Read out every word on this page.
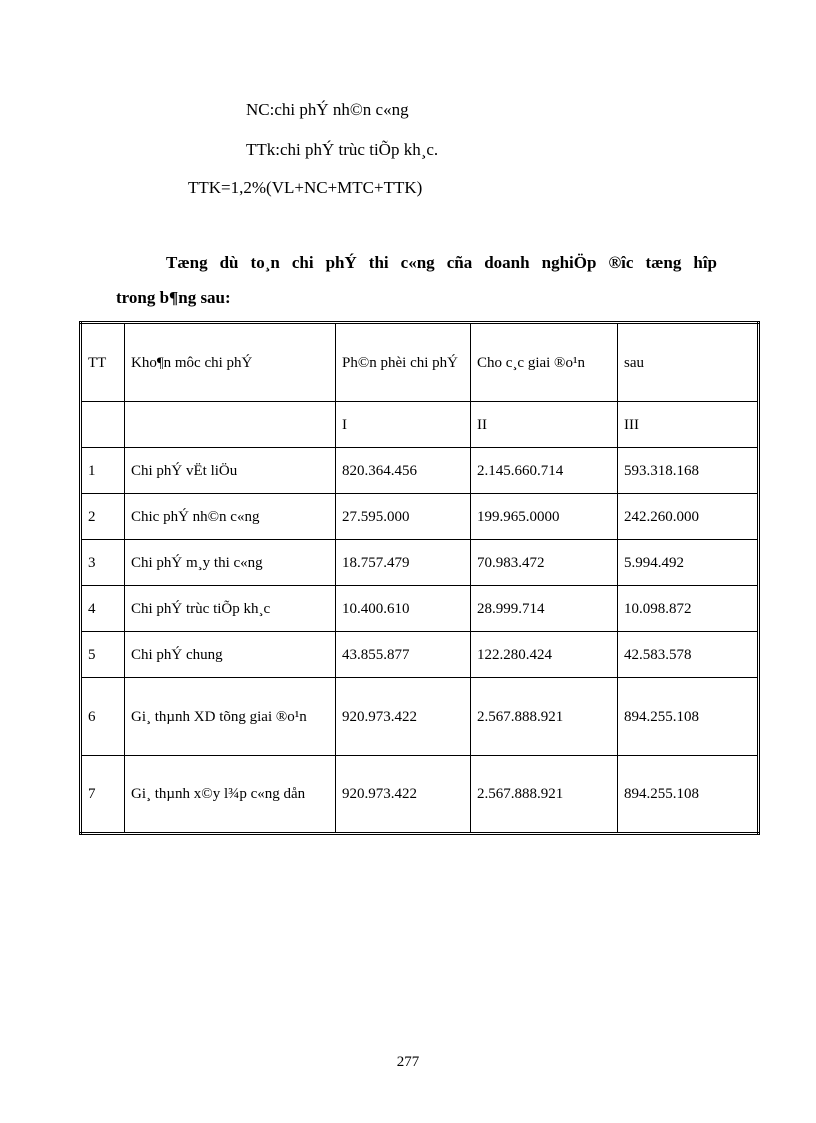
NC:chi phÝ nh©n c«ng
TTk:chi phÝ trùc tiÕp kh¸c.
TTK=1,2%(VL+NC+MTC+TTK)
Tæng dù to¸n chi phÝ thi c«ng cña doanh nghiÖp ®îc tæng hîp
trong b¶ng sau:
TT	Kho¶n môc chi phÝ	Ph©n phèi chi phÝ	Cho c¸c giai ®o¹n	sau
		I	II	III
1	Chi phÝ vËt liÖu	820.364.456	2.145.660.714	593.318.168
2	Chic phÝ nh©n c«ng	27.595.000	199.965.0000	242.260.000
3	Chi phÝ m¸y thi c«ng	18.757.479	70.983.472	5.994.492
4	Chi phÝ trùc tiÕp kh¸c	10.400.610	28.999.714	10.098.872
5	Chi phÝ chung	43.855.877	122.280.424	42.583.578
6	Gi¸ thµnh XD tõng giai ®o¹n	920.973.422	2.567.888.921	894.255.108
7	Gi¸ thµnh x©y l¾p c«ng dån	920.973.422	2.567.888.921	894.255.108
277
